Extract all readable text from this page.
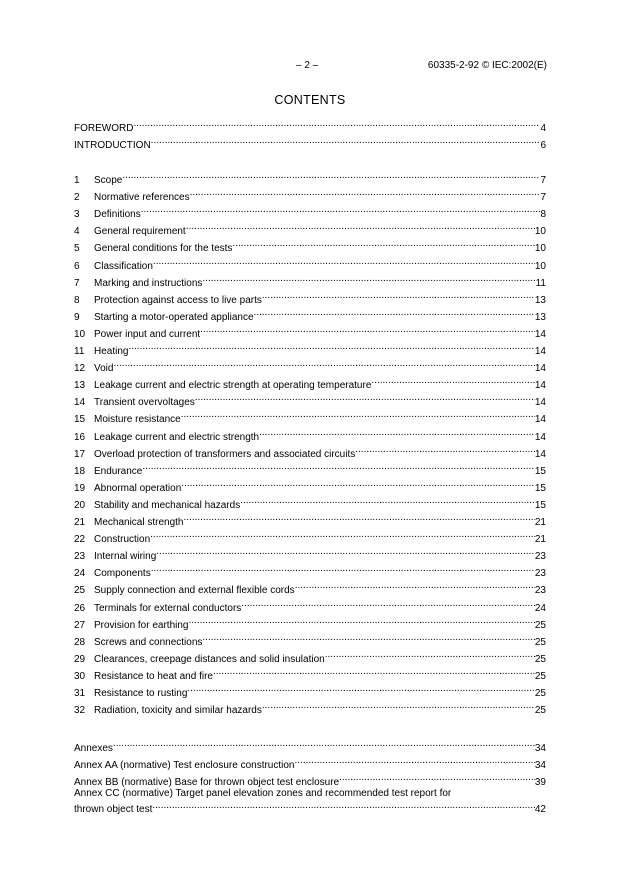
– 2 –	60335-2-92 © IEC:2002(E)
CONTENTS
FOREWORD .....	4
INTRODUCTION .....	6
1	Scope .....	7
2	Normative references .....	7
3	Definitions .....	8
4	General requirement .....	10
5	General conditions for the tests .....	10
6	Classification .....	10
7	Marking and instructions .....	11
8	Protection against access to live parts .....	13
9	Starting a motor-operated appliance .....	13
10 Power input and current .....	14
11 Heating .....	14
12 Void .....	14
13 Leakage current and electric strength at operating temperature .....	14
14 Transient overvoltages .....	14
15 Moisture resistance .....	14
16 Leakage current and electric strength .....	14
17 Overload protection of transformers and associated circuits .....	14
18 Endurance .....	15
19 Abnormal operation .....	15
20 Stability and mechanical hazards .....	15
21 Mechanical strength .....	21
22 Construction .....	21
23 Internal wiring .....	23
24 Components .....	23
25 Supply connection and external flexible cords .....	23
26 Terminals for external conductors .....	24
27 Provision for earthing .....	25
28 Screws and connections .....	25
29 Clearances, creepage distances and solid insulation .....	25
30 Resistance to heat and fire .....	25
31 Resistance to rusting .....	25
32 Radiation, toxicity and similar hazards .....	25
Annexes .....	34
Annex AA (normative) Test enclosure construction .....	34
Annex BB (normative) Base for thrown object test enclosure .....	39
Annex CC (normative) Target panel elevation zones and recommended test report for
thrown object test .....	42
